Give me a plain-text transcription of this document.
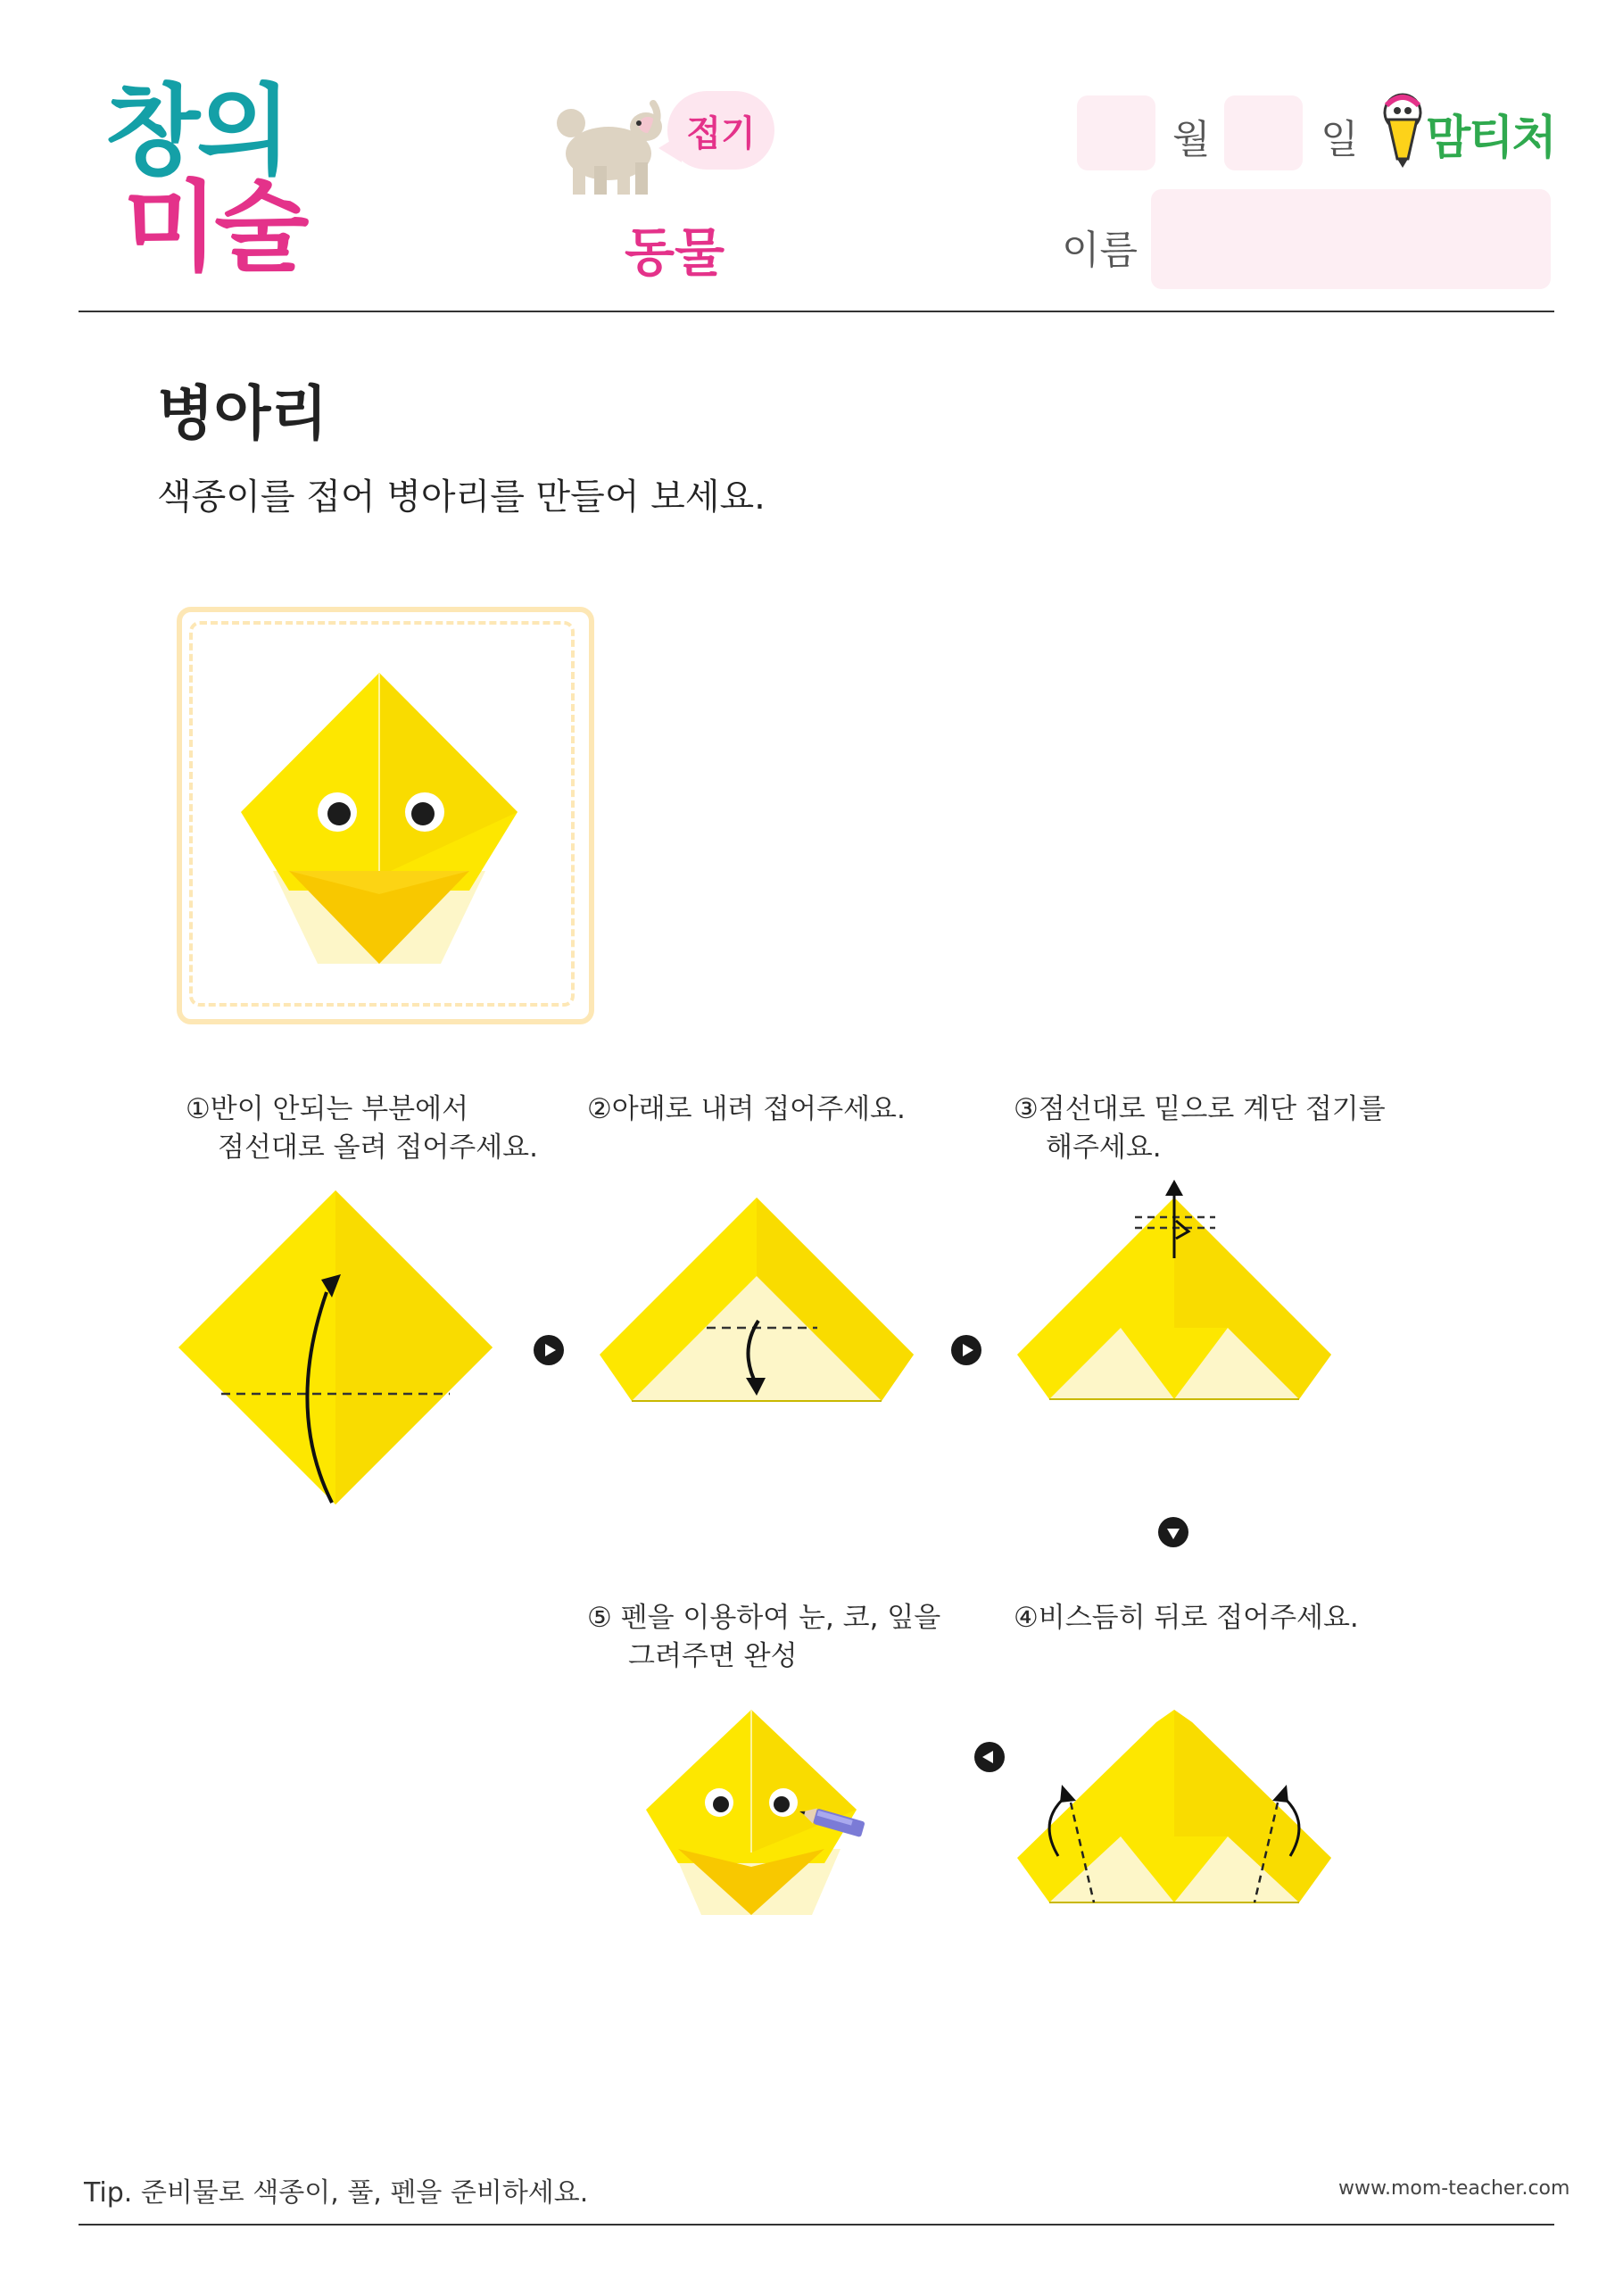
창의
미술
접기
동물
월	일 맘티처
이름
병아리
색종이를 접어 병아리를 만들어 보세요.
①반이 안되는 부분에서
점선대로 올려 접어주세요.
②아래로 내려 접어주세요.	③점선대로 밑으로 계단 접기를
해주세요.
④비스듬히 뒤로 접어주세요.
⑤ 펜을 이용하여 눈, 코, 잎을
그려주면 완성
Tip. 준비물로 색종이, 풀, 펜을 준비하세요.	www.mom-teacher.com
